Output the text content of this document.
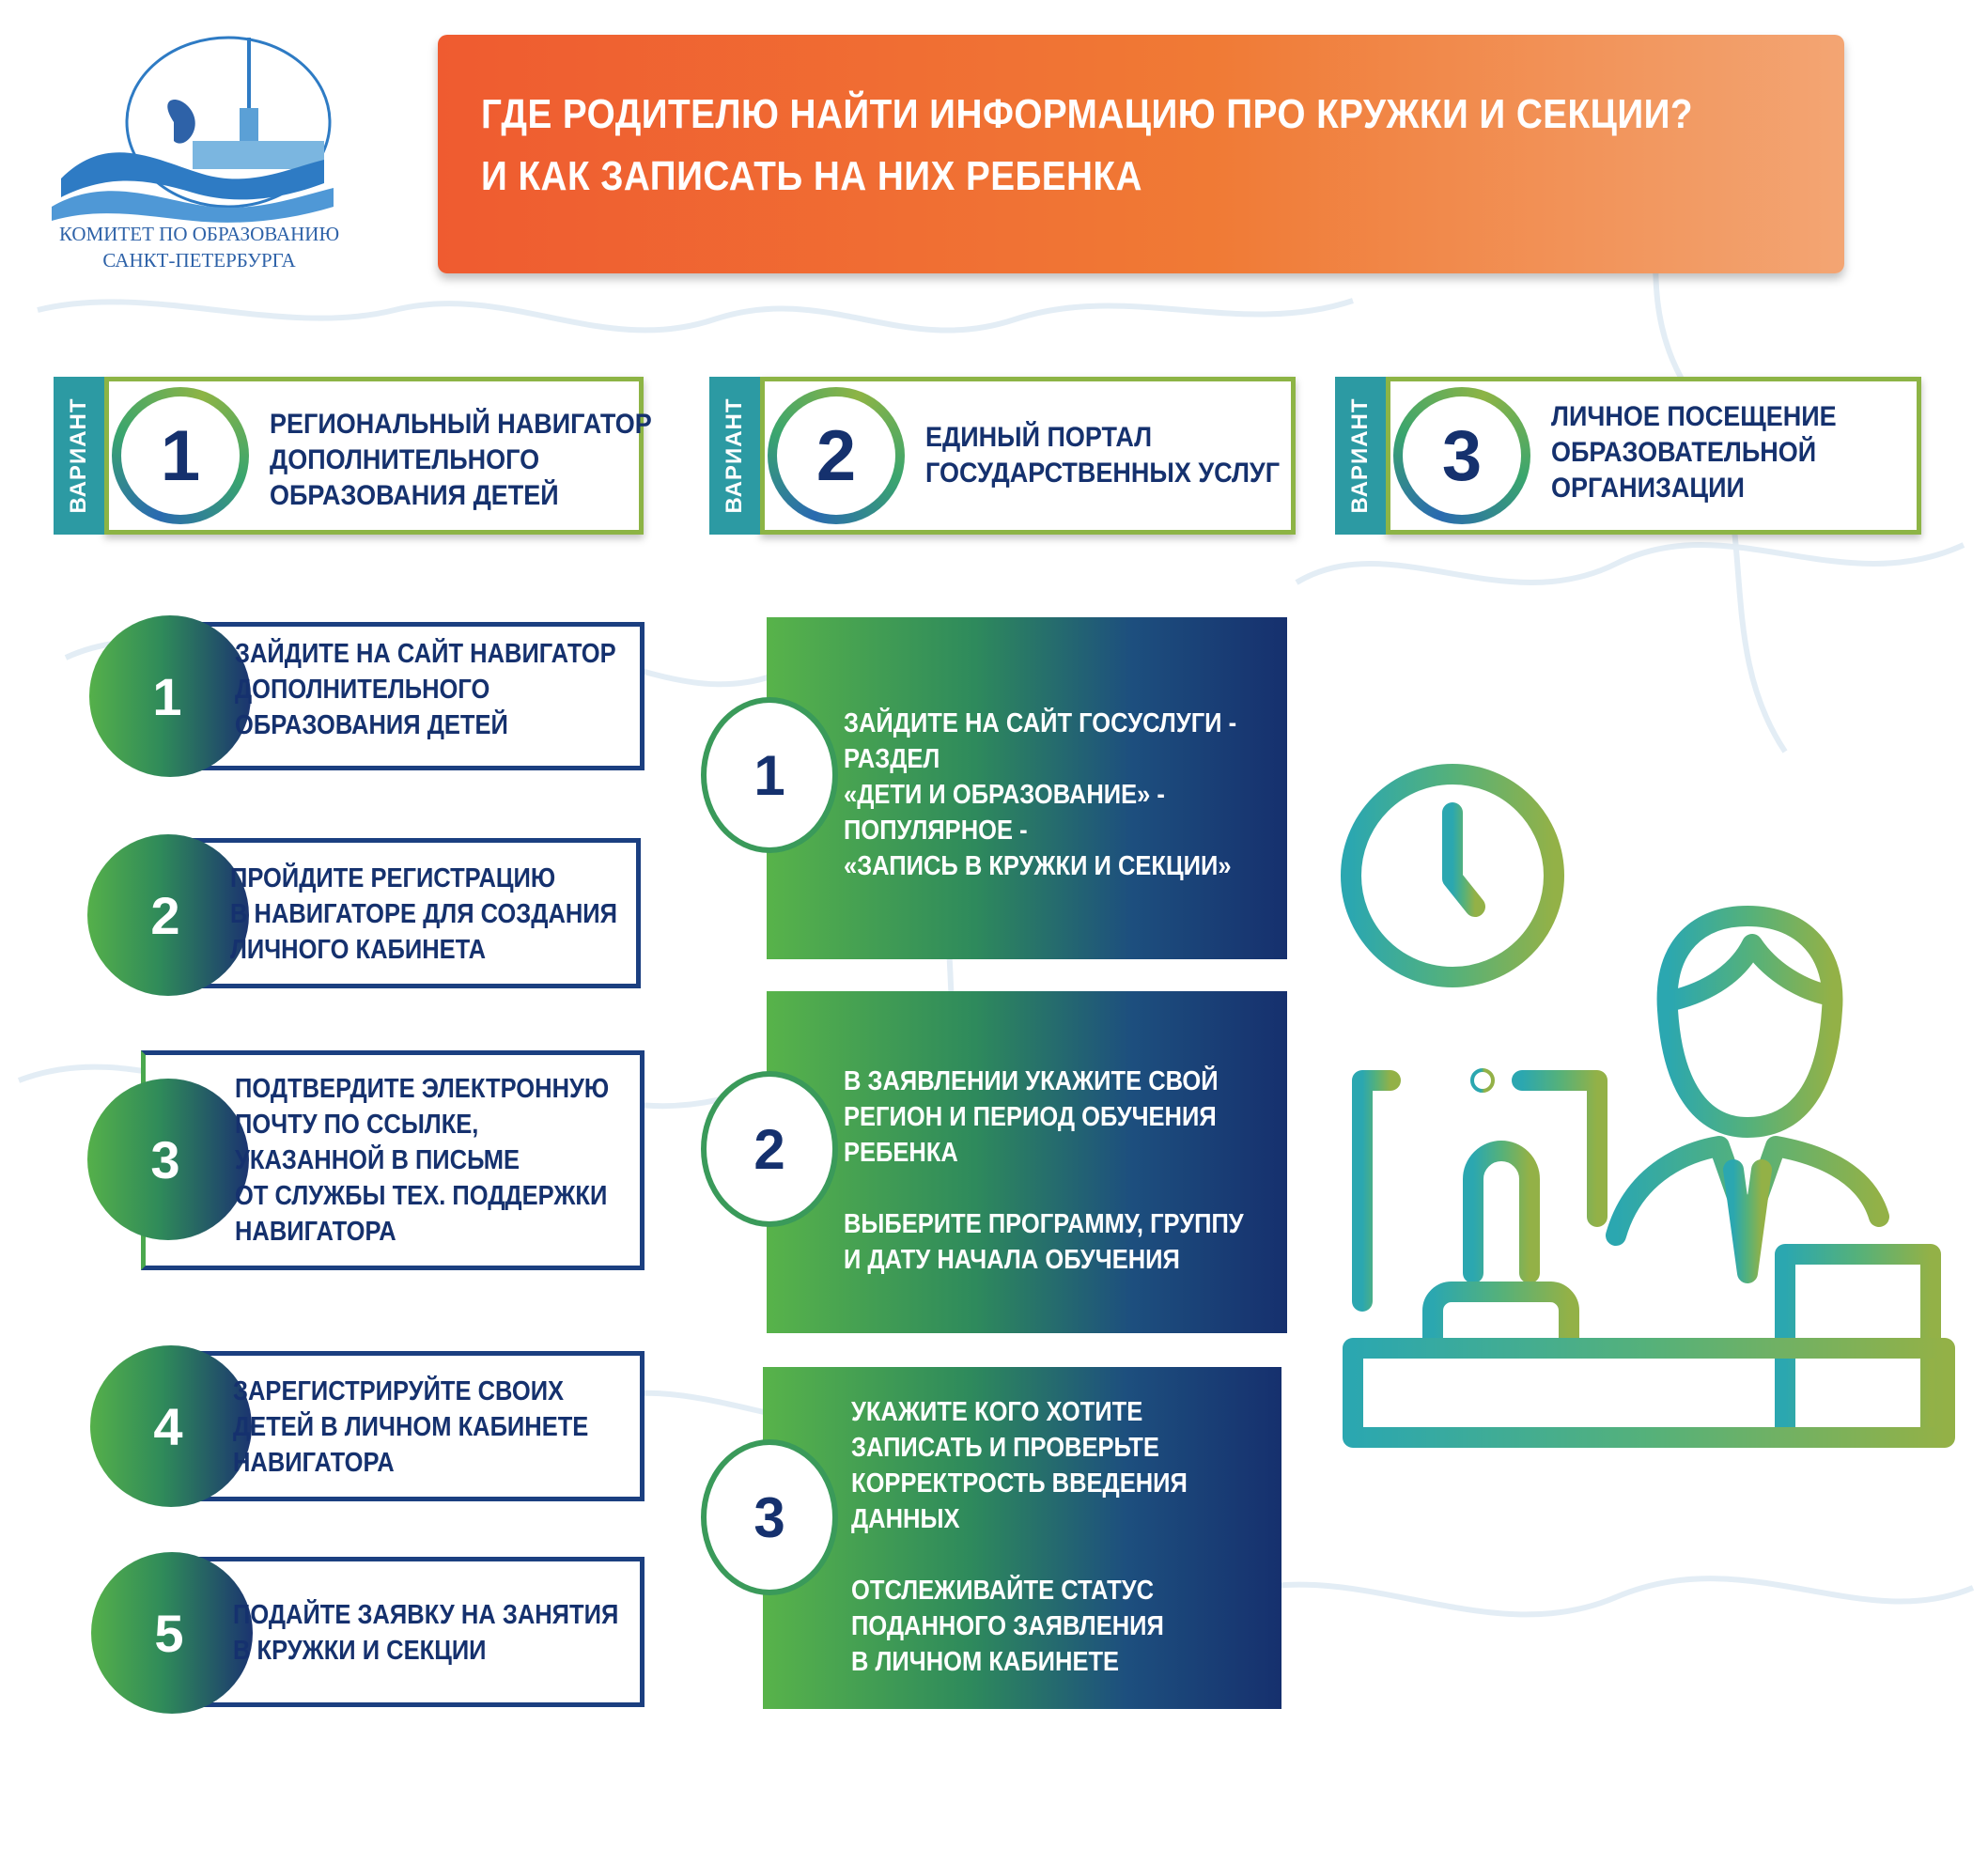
КОМИТЕТ ПО ОБРАЗОВАНИЮ
САНКТ-ПЕТЕРБУРГА
ГДЕ РОДИТЕЛЮ НАЙТИ ИНФОРМАЦИЮ ПРО КРУЖКИ И СЕКЦИИ?
И КАК ЗАПИСАТЬ НА НИХ РЕБЕНКА
ВАРИАНТ 1	РЕГИОНАЛЬНЫЙ НАВИГАТОР
ДОПОЛНИТЕЛЬНОГО
ОБРАЗОВАНИЯ ДЕТЕЙ	ВАРИАНТ 2	ЕДИНЫЙ ПОРТАЛ
ГОСУДАРСТВЕННЫХ УСЛУГ	ВАРИАНТ 3	ЛИЧНОЕ ПОСЕЩЕНИЕ
ОБРАЗОВАТЕЛЬНОЙ
ОРГАНИЗАЦИИ
1
ЗАЙДИТЕ НА САЙТ НАВИГАТОР
ДОПОЛНИТЕЛЬНОГО
ОБРАЗОВАНИЯ ДЕТЕЙ
2
ПРОЙДИТЕ РЕГИСТРАЦИЮ
В НАВИГАТОРЕ ДЛЯ СОЗДАНИЯ
ЛИЧНОГО КАБИНЕТА
3
ПОДТВЕРДИТЕ ЭЛЕКТРОННУЮ
ПОЧТУ ПО ССЫЛКЕ,
УКАЗАННОЙ В ПИСЬМЕ
ОТ СЛУЖБЫ ТЕХ. ПОДДЕРЖКИ
НАВИГАТОРА
4
ЗАРЕГИСТРИРУЙТЕ СВОИХ
ДЕТЕЙ В ЛИЧНОМ КАБИНЕТЕ
НАВИГАТОРА
5	ПОДАЙТЕ ЗАЯВКУ НА ЗАНЯТИЯ
В КРУЖКИ И СЕКЦИИ
1
ЗАЙДИТЕ НА САЙТ ГОСУСЛУГИ -
РАЗДЕЛ
«ДЕТИ И ОБРАЗОВАНИЕ» -
ПОПУЛЯРНОЕ -
«ЗАПИСЬ В КРУЖКИ И СЕКЦИИ»
2
В ЗАЯВЛЕНИИ УКАЖИТЕ СВОЙ
РЕГИОН И ПЕРИОД ОБУЧЕНИЯ
РЕБЕНКА
ВЫБЕРИТЕ ПРОГРАММУ, ГРУППУ
И ДАТУ НАЧАЛА ОБУЧЕНИЯ
3
УКАЖИТЕ КОГО ХОТИТЕ
ЗАПИСАТЬ И ПРОВЕРЬТЕ
КОРРЕКТРОСТЬ ВВЕДЕНИЯ
ДАННЫХ
ОТСЛЕЖИВАЙТЕ СТАТУС
ПОДАННОГО ЗАЯВЛЕНИЯ
В ЛИЧНОМ КАБИНЕТЕ
